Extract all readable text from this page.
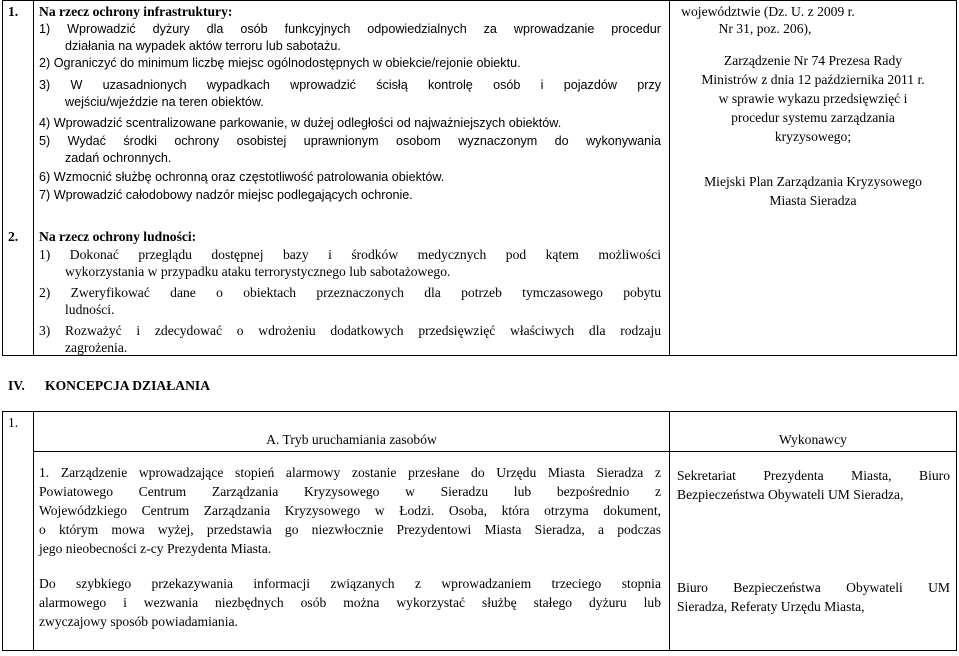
1. Na rzecz ochrony infrastruktury:
1) Wprowadzić dyżury dla osób funkcyjnych odpowiedzialnych za wprowadzanie procedur
działania na wypadek aktów terroru lub sabotażu.
2) Ograniczyć do minimum liczbę miejsc ogólnodostępnych w obiekcie/rejonie obiektu.
3) W uzasadnionych wypadkach wprowadzić ścisłą kontrolę osób i pojazdów przy
wejściu/wjeździe na teren obiektów.
4) Wprowadzić scentralizowane parkowanie, w dużej odległości od najważniejszych obiektów.
5) Wydać środki ochrony osobistej uprawnionym osobom wyznaczonym do wykonywania
zadań ochronnych.
6) Wzmocnić służbę ochronną oraz częstotliwość patrolowania obiektów.
7) Wprowadzić całodobowy nadzór miejsc podlegających ochronie.
2. Na rzecz ochrony ludności:
1) Dokonać przeglądu dostępnej bazy i środków medycznych pod kątem możliwości
wykorzystania w przypadku ataku terrorystycznego lub sabotażowego.
2) Zweryfikować dane o obiektach przeznaczonych dla potrzeb tymczasowego pobytu
ludności.
3) Rozważyć i zdecydować o wdrożeniu dodatkowych przedsięwzięć właściwych dla rodzaju
zagrożenia.
województwie (Dz. U. z 2009 r.
Nr 31, poz. 206),
Zarządzenie Nr 74 Prezesa Rady
Ministrów z dnia 12 października 2011 r.
w sprawie wykazu przedsięwzięć i
procedur systemu zarządzania
kryzysowego;
Miejski Plan Zarządzania Kryzysowego
Miasta Sieradza
IV. KONCEPCJA DZIAŁANIA
1.
A. Tryb uruchamiania zasobów	Wykonawcy
1. Zarządzenie wprowadzające stopień alarmowy zostanie przesłane do Urzędu Miasta Sieradza z
Powiatowego Centrum Zarządzania Kryzysowego w Sieradzu lub bezpośrednio z
Wojewódzkiego Centrum Zarządzania Kryzysowego w Łodzi. Osoba, która otrzyma dokument,
o którym mowa wyżej, przedstawia go niezwłocznie Prezydentowi Miasta Sieradza, a podczas
jego nieobecności z-cy Prezydenta Miasta.
Do szybkiego przekazywania informacji związanych z wprowadzaniem trzeciego stopnia
alarmowego i wezwania niezbędnych osób można wykorzystać służbę stałego dyżuru lub
zwyczajowy sposób powiadamiania.
Sekretariat Prezydenta Miasta, Biuro
Bezpieczeństwa Obywateli UM Sieradza,
Biuro Bezpieczeństwa Obywateli UM
Sieradza, Referaty Urzędu Miasta,
